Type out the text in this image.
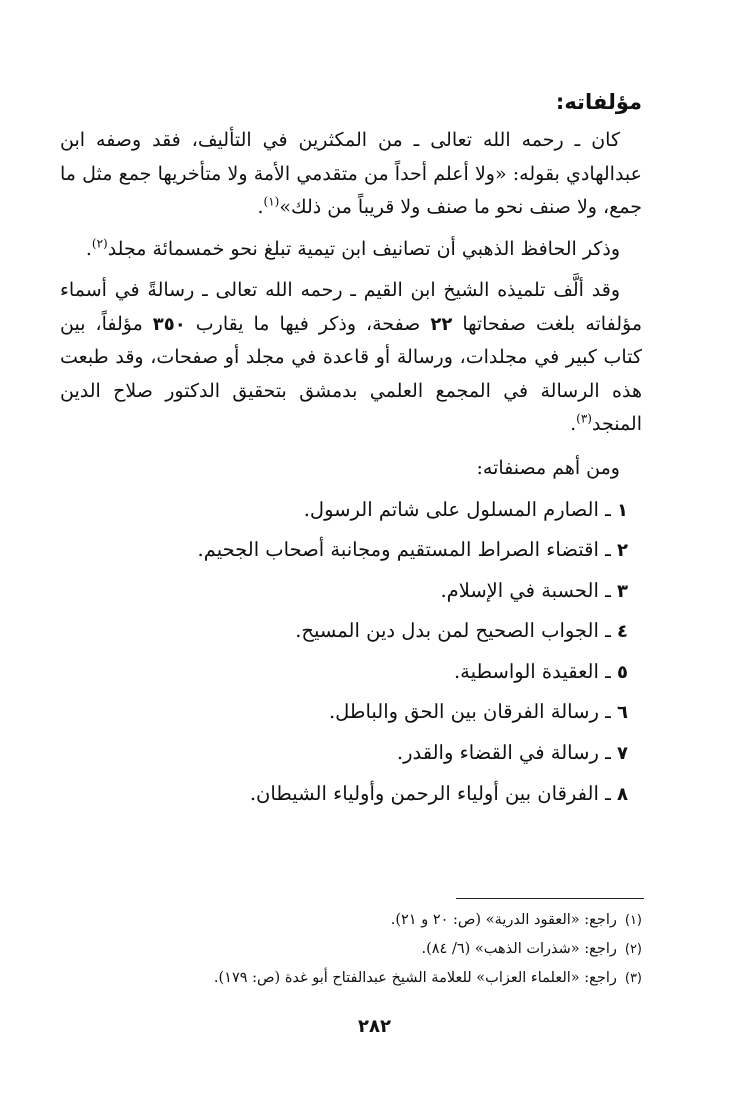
مؤلفاته:

كان ـ رحمه الله تعالى ـ من المكثرين في التأليف، فقد وصفه ابن عبدالهادي بقوله: «ولا أعلم أحداً من متقدمي الأمة ولا متأخريها جمع مثل ما جمع، ولا صنف نحو ما صنف ولا قريباً من ذلك»$^{(١)}$.

وذكر الحافظ الذهبي أن تصانيف ابن تيمية تبلغ نحو خمسمائة مجلد$^{(٢)}$.

وقد ألَّف تلميذه الشيخ ابن القيم ـ رحمه الله تعالى ـ رسالةً في أسماء مؤلفاته بلغت صفحاتها ٢٢ صفحة، وذكر فيها ما يقارب ٣٥٠ مؤلفاً، بين كتاب كبير في مجلدات، ورسالة أو قاعدة في مجلد أو صفحات، وقد طبعت هذه الرسالة في المجمع العلمي بدمشق بتحقيق الدكتور صلاح الدين المنجد$^{(٣)}$.

ومن أهم مصنفاته:
١ ـ الصارم المسلول على شاتم الرسول.
٢ ـ اقتضاء الصراط المستقيم ومجانبة أصحاب الجحيم.
٣ ـ الحسبة في الإسلام.
٤ ـ الجواب الصحيح لمن بدل دين المسيح.
٥ ـ العقيدة الواسطية.
٦ ـ رسالة الفرقان بين الحق والباطل.
٧ ـ رسالة في القضاء والقدر.
٨ ـ الفرقان بين أولياء الرحمن وأولياء الشيطان.
(١)راجع: «العقود الدرية» (ص: ٢٠ و ٢١).
(٢)راجع: «شذرات الذهب» (٦/ ٨٤).
(٣)راجع: «العلماء العزاب» للعلامة الشيخ عبدالفتاح أبو غدة (ص: ١٧٩).
٢٨٢
